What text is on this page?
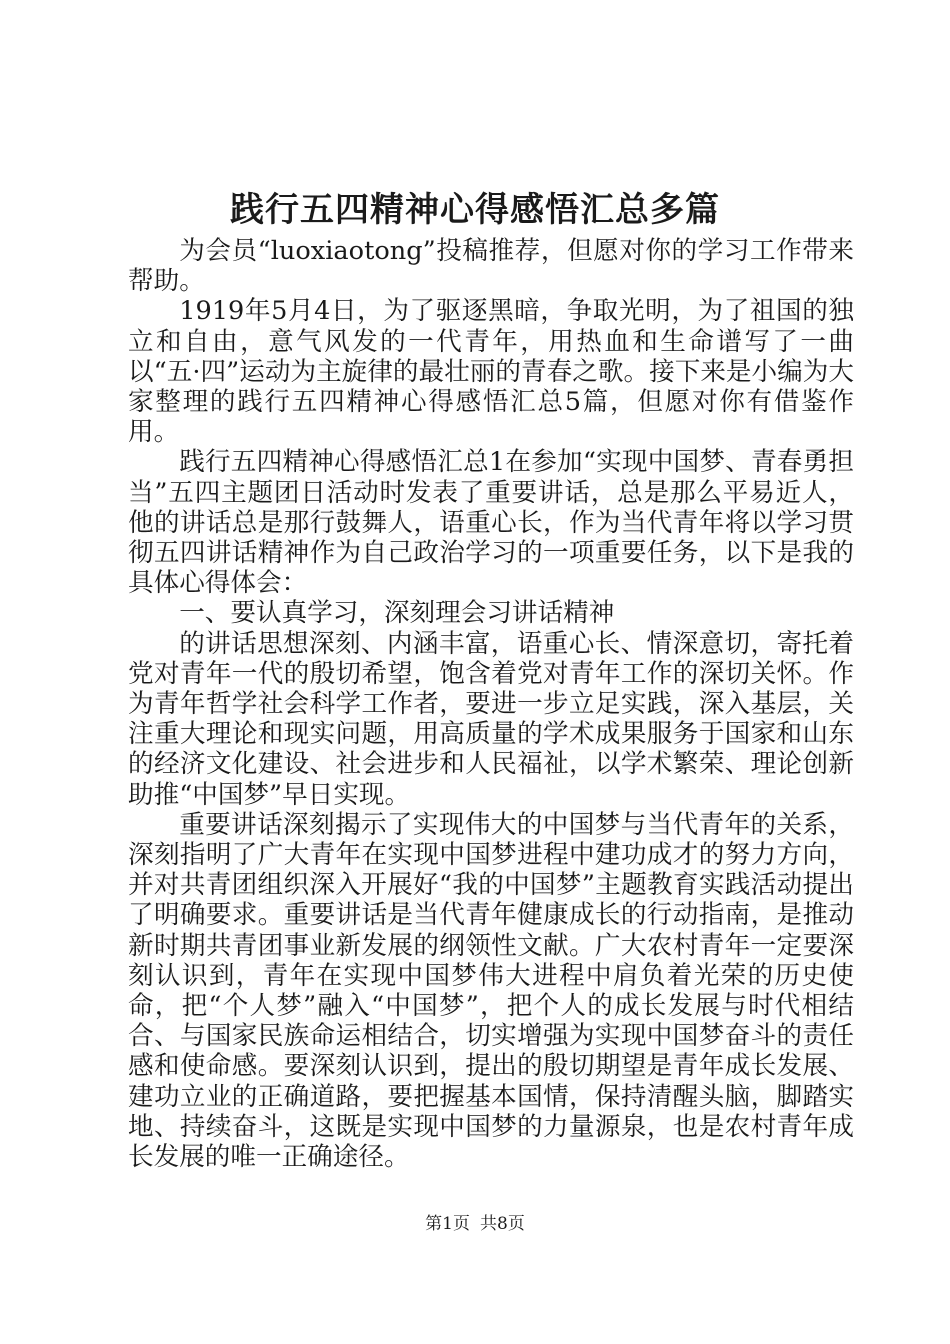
践行五四精神心得感悟汇总多篇

为会员“luoxiaotong”投稿推荐，但愿对你的学习工作带来帮助。

1919年5月4日，为了驱逐黑暗，争取光明，为了祖国的独立和自由，意气风发的一代青年，用热血和生命谱写了一曲以“五·四”运动为主旋律的最壮丽的青春之歌。接下来是小编为大家整理的践行五四精神心得感悟汇总5篇，但愿对你有借鉴作用。

践行五四精神心得感悟汇总1在参加“实现中国梦、青春勇担当”五四主题团日活动时发表了重要讲话，总是那么平易近人，他的讲话总是那行鼓舞人，语重心长，作为当代青年将以学习贯彻五四讲话精神作为自己政治学习的一项重要任务，以下是我的具体心得体会：

一、要认真学习，深刻理会习讲话精神

的讲话思想深刻、内涵丰富，语重心长、情深意切，寄托着党对青年一代的殷切希望，饱含着党对青年工作的深切关怀。作为青年哲学社会科学工作者，要进一步立足实践，深入基层，关注重大理论和现实问题，用高质量的学术成果服务于国家和山东的经济文化建设、社会进步和人民福祉，以学术繁荣、理论创新助推“中国梦”早日实现。

重要讲话深刻揭示了实现伟大的中国梦与当代青年的关系，深刻指明了广大青年在实现中国梦进程中建功成才的努力方向，并对共青团组织深入开展好“我的中国梦”主题教育实践活动提出了明确要求。重要讲话是当代青年健康成长的行动指南，是推动新时期共青团事业新发展的纲领性文献。广大农村青年一定要深刻认识到，青年在实现中国梦伟大进程中肩负着光荣的历史使命，把“个人梦”融入“中国梦”，把个人的成长发展与时代相结合、与国家民族命运相结合，切实增强为实现中国梦奋斗的责任感和使命感。要深刻认识到，提出的殷切期望是青年成长发展、建功立业的正确道路，要把握基本国情，保持清醒头脑，脚踏实地、持续奋斗，这既是实现中国梦的力量源泉，也是农村青年成长发展的唯一正确途径。

第1页 共8页
